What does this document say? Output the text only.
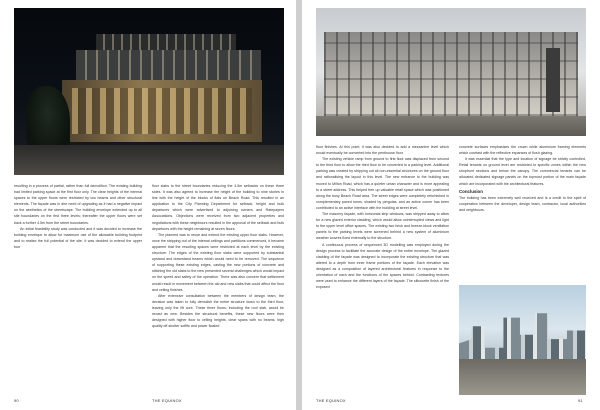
resulting in a process of partial, rather than full demolition. The existing building had limited parking space at the first floor only. The clear heights of the internal spaces to the upper floors were restricted by low beams and other structural elements. The façade was in dire need of upgrading as it had a negative impact on the aesthetics of the streetscape. The building envelope extended up to all site boundaries on the first three levels; thereafter the upper floors were set back a further 4.5m from the street boundaries.

An initial feasibility study was conducted and it was decided to increase the building envelope to allow for maximum use of the allowable building footprint and to realise the full potential of the site. It was decided to extend the upper four

floor slabs to the street boundaries reducing the 4.5m setbacks on these three sides. It was also agreed to increase the height of the building to nine stories in line with the height of the blocks of flats on Beach Road. This resulted in an application to the City Planning Department for setback, height and bulk departures which were advertised to adjoining owners and Ratepayers Associations. Objections were received from two adjacent properties and negotiations with these neighbours resulted in the approval of the setback and bulk departures with the height remaining at seven floors.

The planned was to reuse and extend the existing upper floor slabs. However, once the stripping out of the internal ceilings and partitions commenced, it became apparent that the resulting spaces were restricted at each level by the existing structure. The edges of the existing floor slabs were supported by substantial upstand and downstand beams which would need to be removed. The sequence of supporting these existing edges, casting the new portions of concrete and stitching the old slabs to the new presented several challenges which would impact on the speed and safety of the operation. There was also concern that settlement would result in movement between the old and new slabs that could affect the floor and ceiling finishes.

After extensive consultation between the members of design team, the decision was taken to fully demolish the entire structure down to the third floor, leaving only the lift core. These three floors, including the roof slab, would be recast as new. Besides the structural benefits, these new floors were then designed with higher floor to ceiling heights, clear spans with no beams, high quality off-shutter soffits and power floated

90	THE EQUINOX

floor finishes. At this point, it was also decided to add a mezzanine level which would eventually be converted into the penthouse floor.

The existing vehicle ramp from ground to first floor was displaced from second to the third floor to allow the third floor to be converted to a parking level. Additional parking was created by stripping out all non-essential structures on the ground floor and rationalising the layout in this level. The new entrance to the building was moved to Milton Road, which has a quieter urban character and is more appealing to a street address. This helped free up valuable retail space which was positioned along the busy Beach Road area. The street edges were completely refurbished in complementary paved tones, shaded by pergolas, and an active corner has been contributed to an active interface with the building at street level.

The masonry façade, with horizontal strip windows, was stripped away to allow for a new glazed exterior cladding, which would allow uninterrupted views and light to the upper level office spaces. The existing two brick and breeze-block ventilation panels to the parking levels were screened behind a new system of aluminium weather louvres fixed externally to the structure.

A continuous process of sequenced 3D modelling was employed during the design process to facilitate the accurate design of the entire envelope. The glazed cladding of the façade was designed to incorporate the existing structure that was altered to a depth from inner frame portions of the façade. Each elevation was designed as a composition of layered architectural features in response to the orientation of each and the functions of the spaces behind. Contrasting textures were used to enhance the different layers of the façade. The silhouette finish of the exposed

concrete surfaces emphasises the crown while aluminium framing elements which contrast with the reflective expanses of flush glazing.

It was essential that the type and location of signage be strictly controlled. Retail tenants on ground level are restricted to specific zones within the new shopfront sections and below the canopy. The commercial tenants can be allocated dedicated signage panels on the topmost portion of the main façade which are incorporated with the architectural features.

Conclusion

The building has been extremely well received and is a credit to the spirit of cooperation between the developer, design team, contractor, local authorities and neighbours.

THE EQUINOX	91
